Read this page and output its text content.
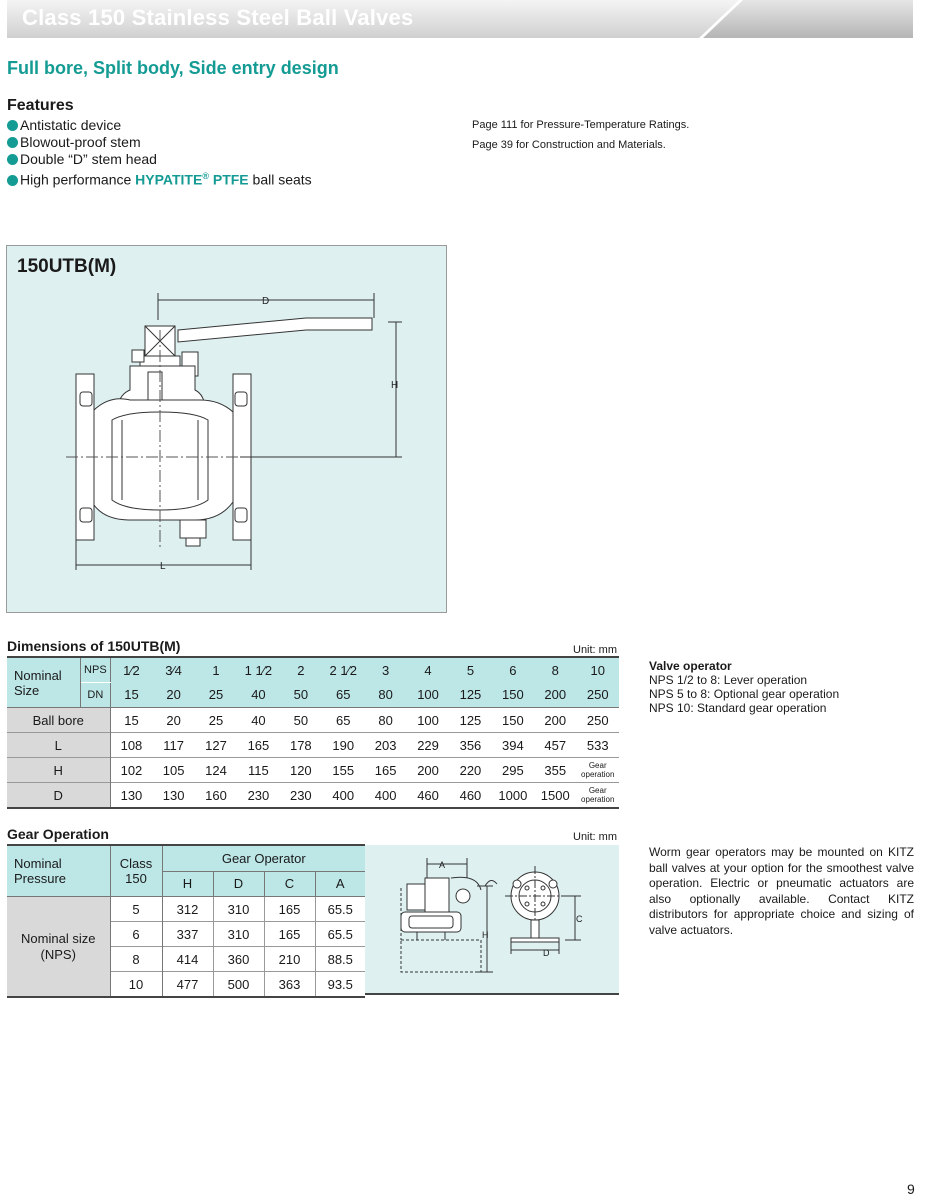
Class 150 Stainless Steel Ball Valves
Full bore, Split body, Side entry design
Features
Antistatic device
Blowout-proof stem
Double “D” stem head
High performance HYPATITE® PTFE ball seats
Page 111 for Pressure-Temperature Ratings.
Page 39 for Construction and Materials.
150UTB(M)
D
H
L
Dimensions of 150UTB(M)	Unit: mm
Nominal Size	NPS	1⁄2	3⁄4	1	1 1⁄2	2	2 1⁄2	3	4	5	6	8	10
	DN	15	20	25	40	50	65	80	100	125	150	200	250
Ball bore		15	20	25	40	50	65	80	100	125	150	200	250
L		108	117	127	165	178	190	203	229	356	394	457	533
H		102	105	124	115	120	155	165	200	220	295	355	Gear operation

D		130	130	160	230	230	400	400	460	460	1000	1500	Gear operation
Valve operator
NPS 1/2 to 8: Lever operation
NPS 5 to 8: Optional gear operation
NPS 10: Standard gear operation
Gear Operation	Unit: mm
Nominal Pressure	Class 150	Gear Operator			
		H	D	C	A
Nominal size (NPS)	5	312	310	165	65.5
	6	337	310	165	65.5
	8	414	360	210	88.5
	10	477	500	363	93.5
A
H
C
D
Worm gear operators may be mounted on KITZ ball valves at your option for the smoothest valve operation. Electric or pneumatic actuators are also optionally available. Contact KITZ distributors for appropriate choice and sizing of valve actuators.
9
